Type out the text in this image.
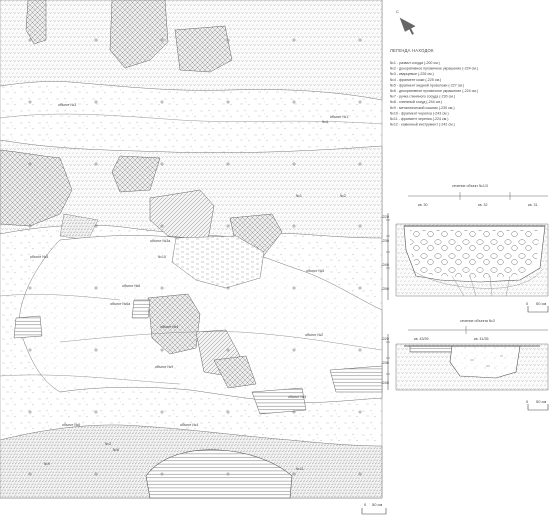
объект №1
объект №3
объект №3а
объект №5
объект №6
№10
объект №5
объект №6а
№4
№1	№2
объект №4
объект №2
объект №9
объект №5
объект №4
объект №6
№3
№6
№9
№11
С
ЛЕГЕНДА НАХОДОК
№1 - развал сосуда (-200 см.)
№2 - декоративное пуговичное украшение (-224 см.)
№3 - кварцевые (-226 см.)
№4 - фрагмент кожи (-225 см.)
№5 - фрагмент медной проволоки (-227 см.)
№6 - декоративное пуговичное украшение (-224 см.)
№7 - ручка глиняного сосуда (-230 см.)
№8 - глиняный сосуд (-244 см.)
№9 - металлический сошник (-230 см.)
№10 - фрагмент черепка (-243 см.)
№11 - фрагмент черепка (-224 см.)
№12 - каменный инструмент (-242 см.)
сечение объект №1/3
кв. 30	кв. 32	кв. 31
-220
-230
-240
-250
сечение объекта №3
кв. 43/39	кв. 41/35
-220
-230
-240
0 50 см
0 50 см
0 50 см
